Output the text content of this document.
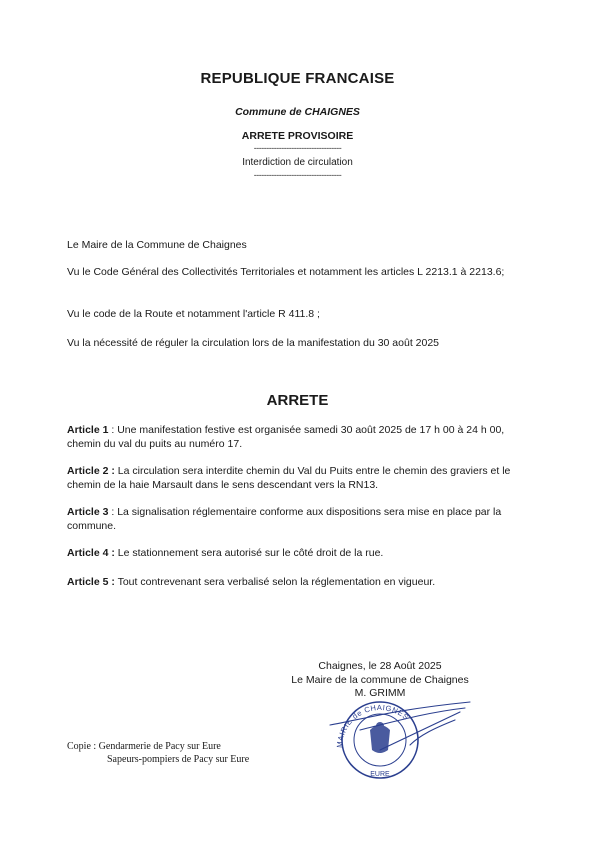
REPUBLIQUE FRANCAISE
Commune de CHAIGNES
ARRETE PROVISOIRE
-----------------------------------
Interdiction de circulation
-----------------------------------
Le Maire de la Commune de Chaignes
Vu le Code Général des Collectivités Territoriales et notamment les articles L 2213.1 à 2213.6;
Vu le code de la Route et notamment l'article R 411.8 ;
Vu la nécessité de réguler la circulation lors de la manifestation du 30 août 2025
ARRETE
Article 1 : Une manifestation festive est organisée samedi 30 août 2025 de 17 h 00 à 24 h 00, chemin du val du puits au numéro 17.
Article 2 : La circulation sera interdite chemin du Val du Puits entre le chemin des graviers et le chemin de la haie Marsault dans le sens descendant vers la RN13.
Article 3 : La signalisation réglementaire conforme aux dispositions sera mise en place par la commune.
Article 4 : Le stationnement sera autorisé sur le côté droit de la rue.
Article 5 : Tout contrevenant sera verbalisé selon la réglementation en vigueur.
Chaignes, le 28 Août 2025
Le Maire de la commune de Chaignes
M. GRIMM
MAIRIE de CHAIGNES
EURE
Copie : Gendarmerie de Pacy sur Eure
Sapeurs-pompiers de Pacy sur Eure
